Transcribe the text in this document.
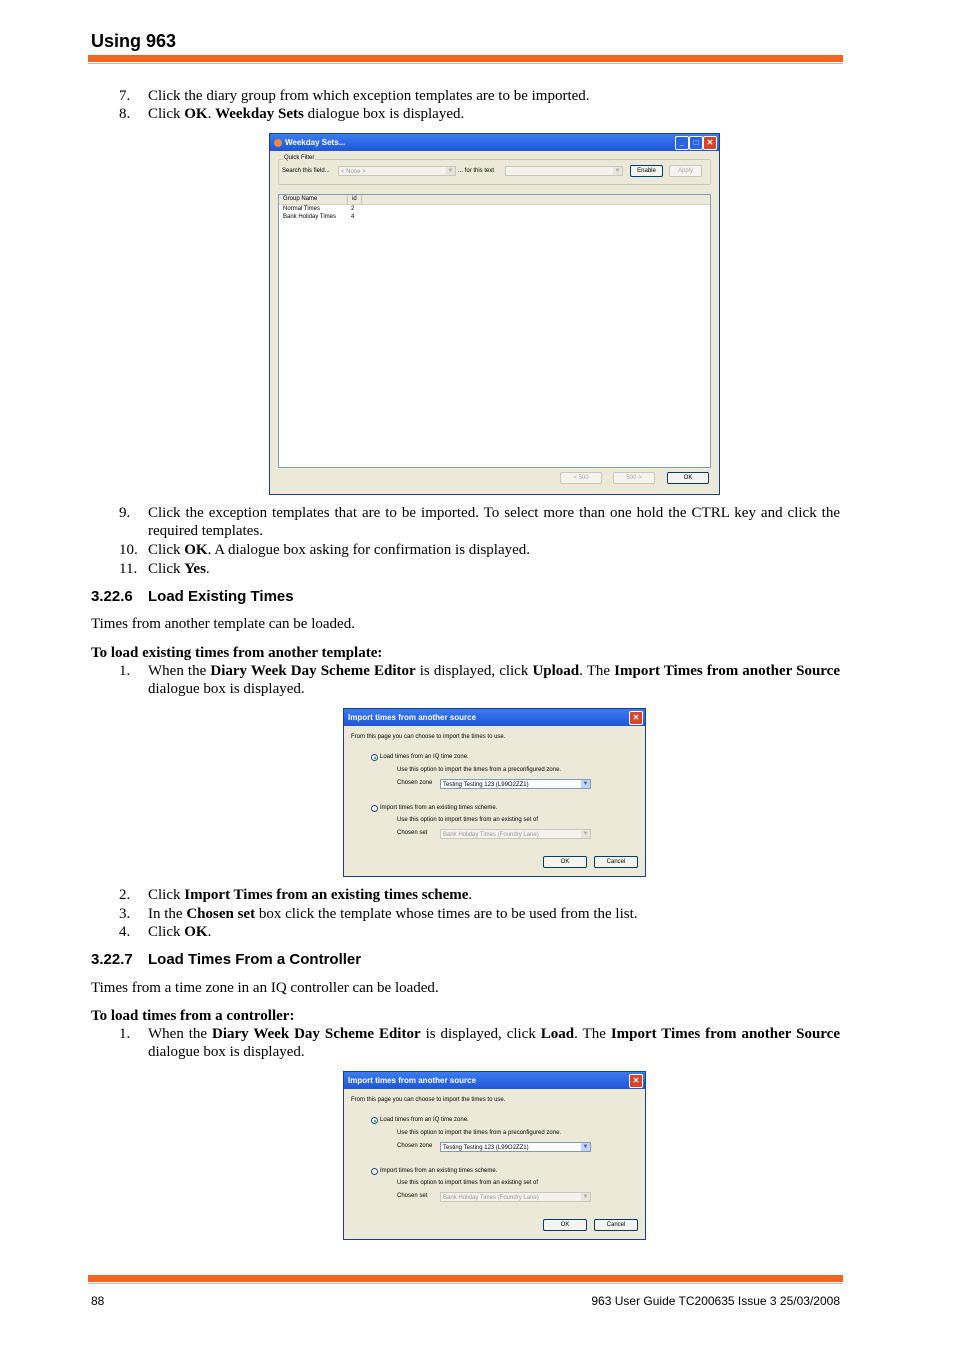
Using 963
7. Click the diary group from which exception templates are to be imported.
8. Click OK. Weekday Sets dialogue box is displayed.
Weekday Sets...	_	□	✕
Quick Filter
Search this field...	< None >	▼ ... for this text	▼	Enable	Apply
Group Name	id
Normal Times	2
Bank Holiday Times 4
< 500	500 >	OK
9. Click the exception templates that are to be imported. To select more than one hold the CTRL key and click the required templates.
10. Click OK. A dialogue box asking for confirmation is displayed.
11. Click Yes.
3.22.6 Load Existing Times
Times from another template can be loaded.
To load existing times from another template:
1. When the Diary Week Day Scheme Editor is displayed, click Upload. The Import Times from another Source dialogue box is displayed.
Import times from another source	✕
From this page you can choose to import the times to use.
Load times from an IQ time zone.
Use this option to import the times from a preconfigured zone.
Chosen zone	Testing Testing 123 (L99O2ZZ1)	▼
Import times from an existing times scheme.
Use this option to import times from an existing set of
Chosen set	Bank Holiday Times (Foundry Lane)	▼
OK	Cancel
2. Click Import Times from an existing times scheme.
3. In the Chosen set box click the template whose times are to be used from the list.
4. Click OK.
3.22.7 Load Times From a Controller
Times from a time zone in an IQ controller can be loaded.
To load times from a controller:
1. When the Diary Week Day Scheme Editor is displayed, click Load. The Import Times from another Source dialogue box is displayed.
Import times from another source	✕
From this page you can choose to import the times to use.
Load times from an IQ time zone.
Use this option to import the times from a preconfigured zone.
Chosen zone	Testing Testing 123 (L99O2ZZ1)	▼
Import times from an existing times scheme.
Use this option to import times from an existing set of
Chosen set	Bank Holiday Times (Foundry Lane)	▼
OK	Cancel
88	963 User Guide TC200635 Issue 3 25/03/2008
